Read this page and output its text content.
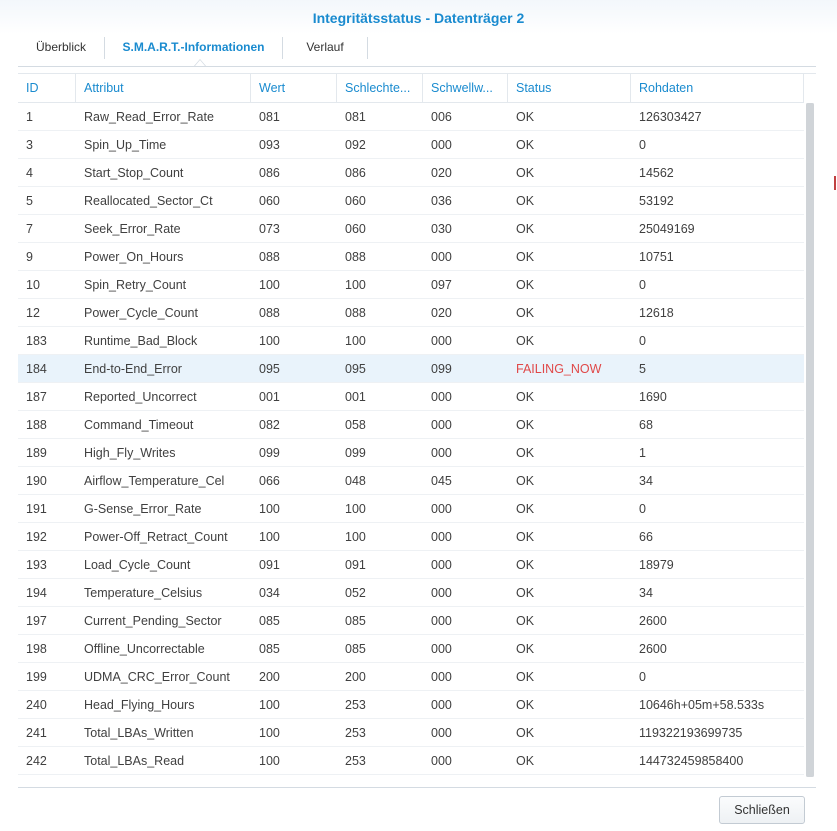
Integritätsstatus - Datenträger 2
Überblick	S.M.A.R.T.-Informationen	Verlauf
ID	Attribut	Wert	Schlechte...	Schwellw...	Status	Rohdaten
1	Raw_Read_Error_Rate	081	081	006	OK	126303427
3	Spin_Up_Time	093	092	000	OK	0
4	Start_Stop_Count	086	086	020	OK	14562
5	Reallocated_Sector_Ct	060	060	036	OK	53192
7	Seek_Error_Rate	073	060	030	OK	25049169
9	Power_On_Hours	088	088	000	OK	10751
10	Spin_Retry_Count	100	100	097	OK	0
12	Power_Cycle_Count	088	088	020	OK	12618
183	Runtime_Bad_Block	100	100	000	OK	0
184	End-to-End_Error	095	095	099	FAILING_NOW	5
187	Reported_Uncorrect	001	001	000	OK	1690
188	Command_Timeout	082	058	000	OK	68
189	High_Fly_Writes	099	099	000	OK	1
190	Airflow_Temperature_Cel	066	048	045	OK	34
191	G-Sense_Error_Rate	100	100	000	OK	0
192	Power-Off_Retract_Count	100	100	000	OK	66
193	Load_Cycle_Count	091	091	000	OK	18979
194	Temperature_Celsius	034	052	000	OK	34
197	Current_Pending_Sector	085	085	000	OK	2600
198	Offline_Uncorrectable	085	085	000	OK	2600
199	UDMA_CRC_Error_Count	200	200	000	OK	0
240	Head_Flying_Hours	100	253	000	OK	10646h+05m+58.533s
241	Total_LBAs_Written	100	253	000	OK	119322193699735
242	Total_LBAs_Read	100	253	000	OK	144732459858400
Schließen
